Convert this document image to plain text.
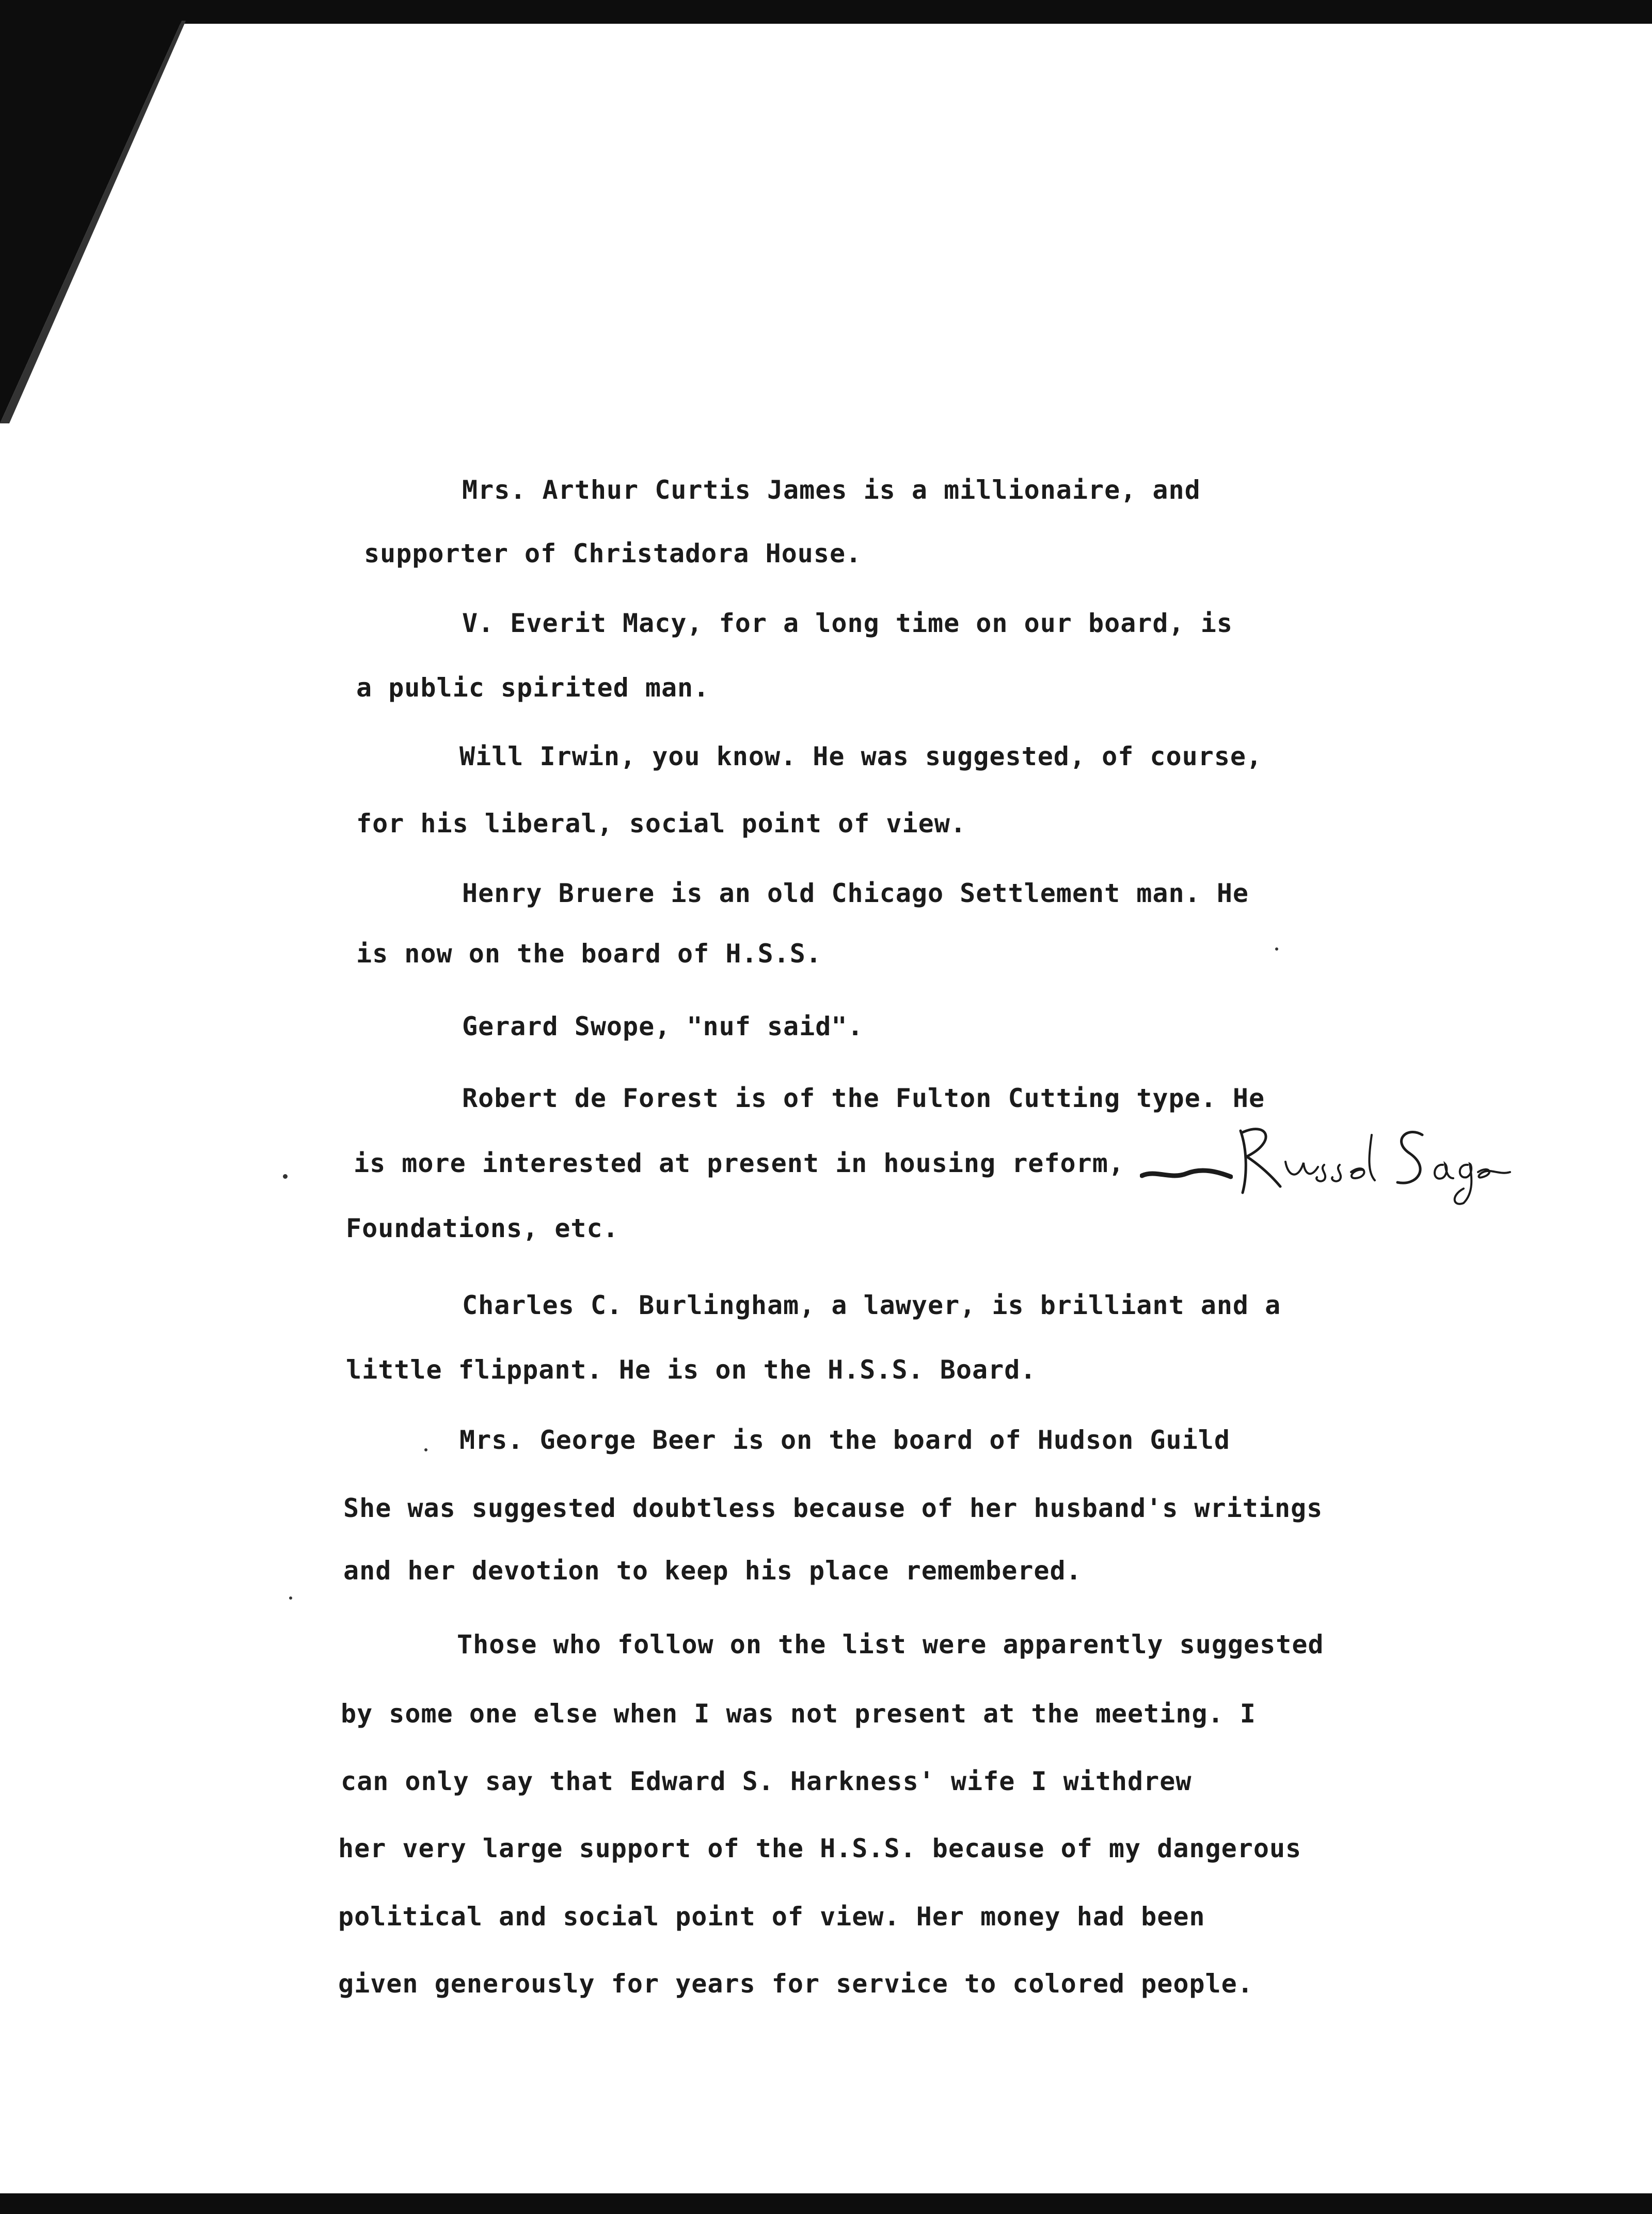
Mrs. Arthur Curtis James is a millionaire, and

supporter of Christadora House.

V. Everit Macy, for a long time on our board, is

a public spirited man.

Will Irwin, you know. He was suggested, of course,

for his liberal, social point of view.

Henry Bruere is an old Chicago Settlement man. He

is now on the board of H.S.S.

Gerard Swope, "nuf said".

Robert de Forest is of the Fulton Cutting type. He

is more interested at present in housing reform,

Foundations, etc.

Charles C. Burlingham, a lawyer, is brilliant and a

little flippant. He is on the H.S.S. Board.

Mrs. George Beer is on the board of Hudson Guild

She was suggested doubtless because of her husband's writings

and her devotion to keep his place remembered.

Those who follow on the list were apparently suggested

by some one else when I was not present at the meeting. I

can only say that Edward S. Harkness' wife I withdrew

her very large support of the H.S.S. because of my dangerous

political and social point of view. Her money had been

given generously for years for service to colored people.
